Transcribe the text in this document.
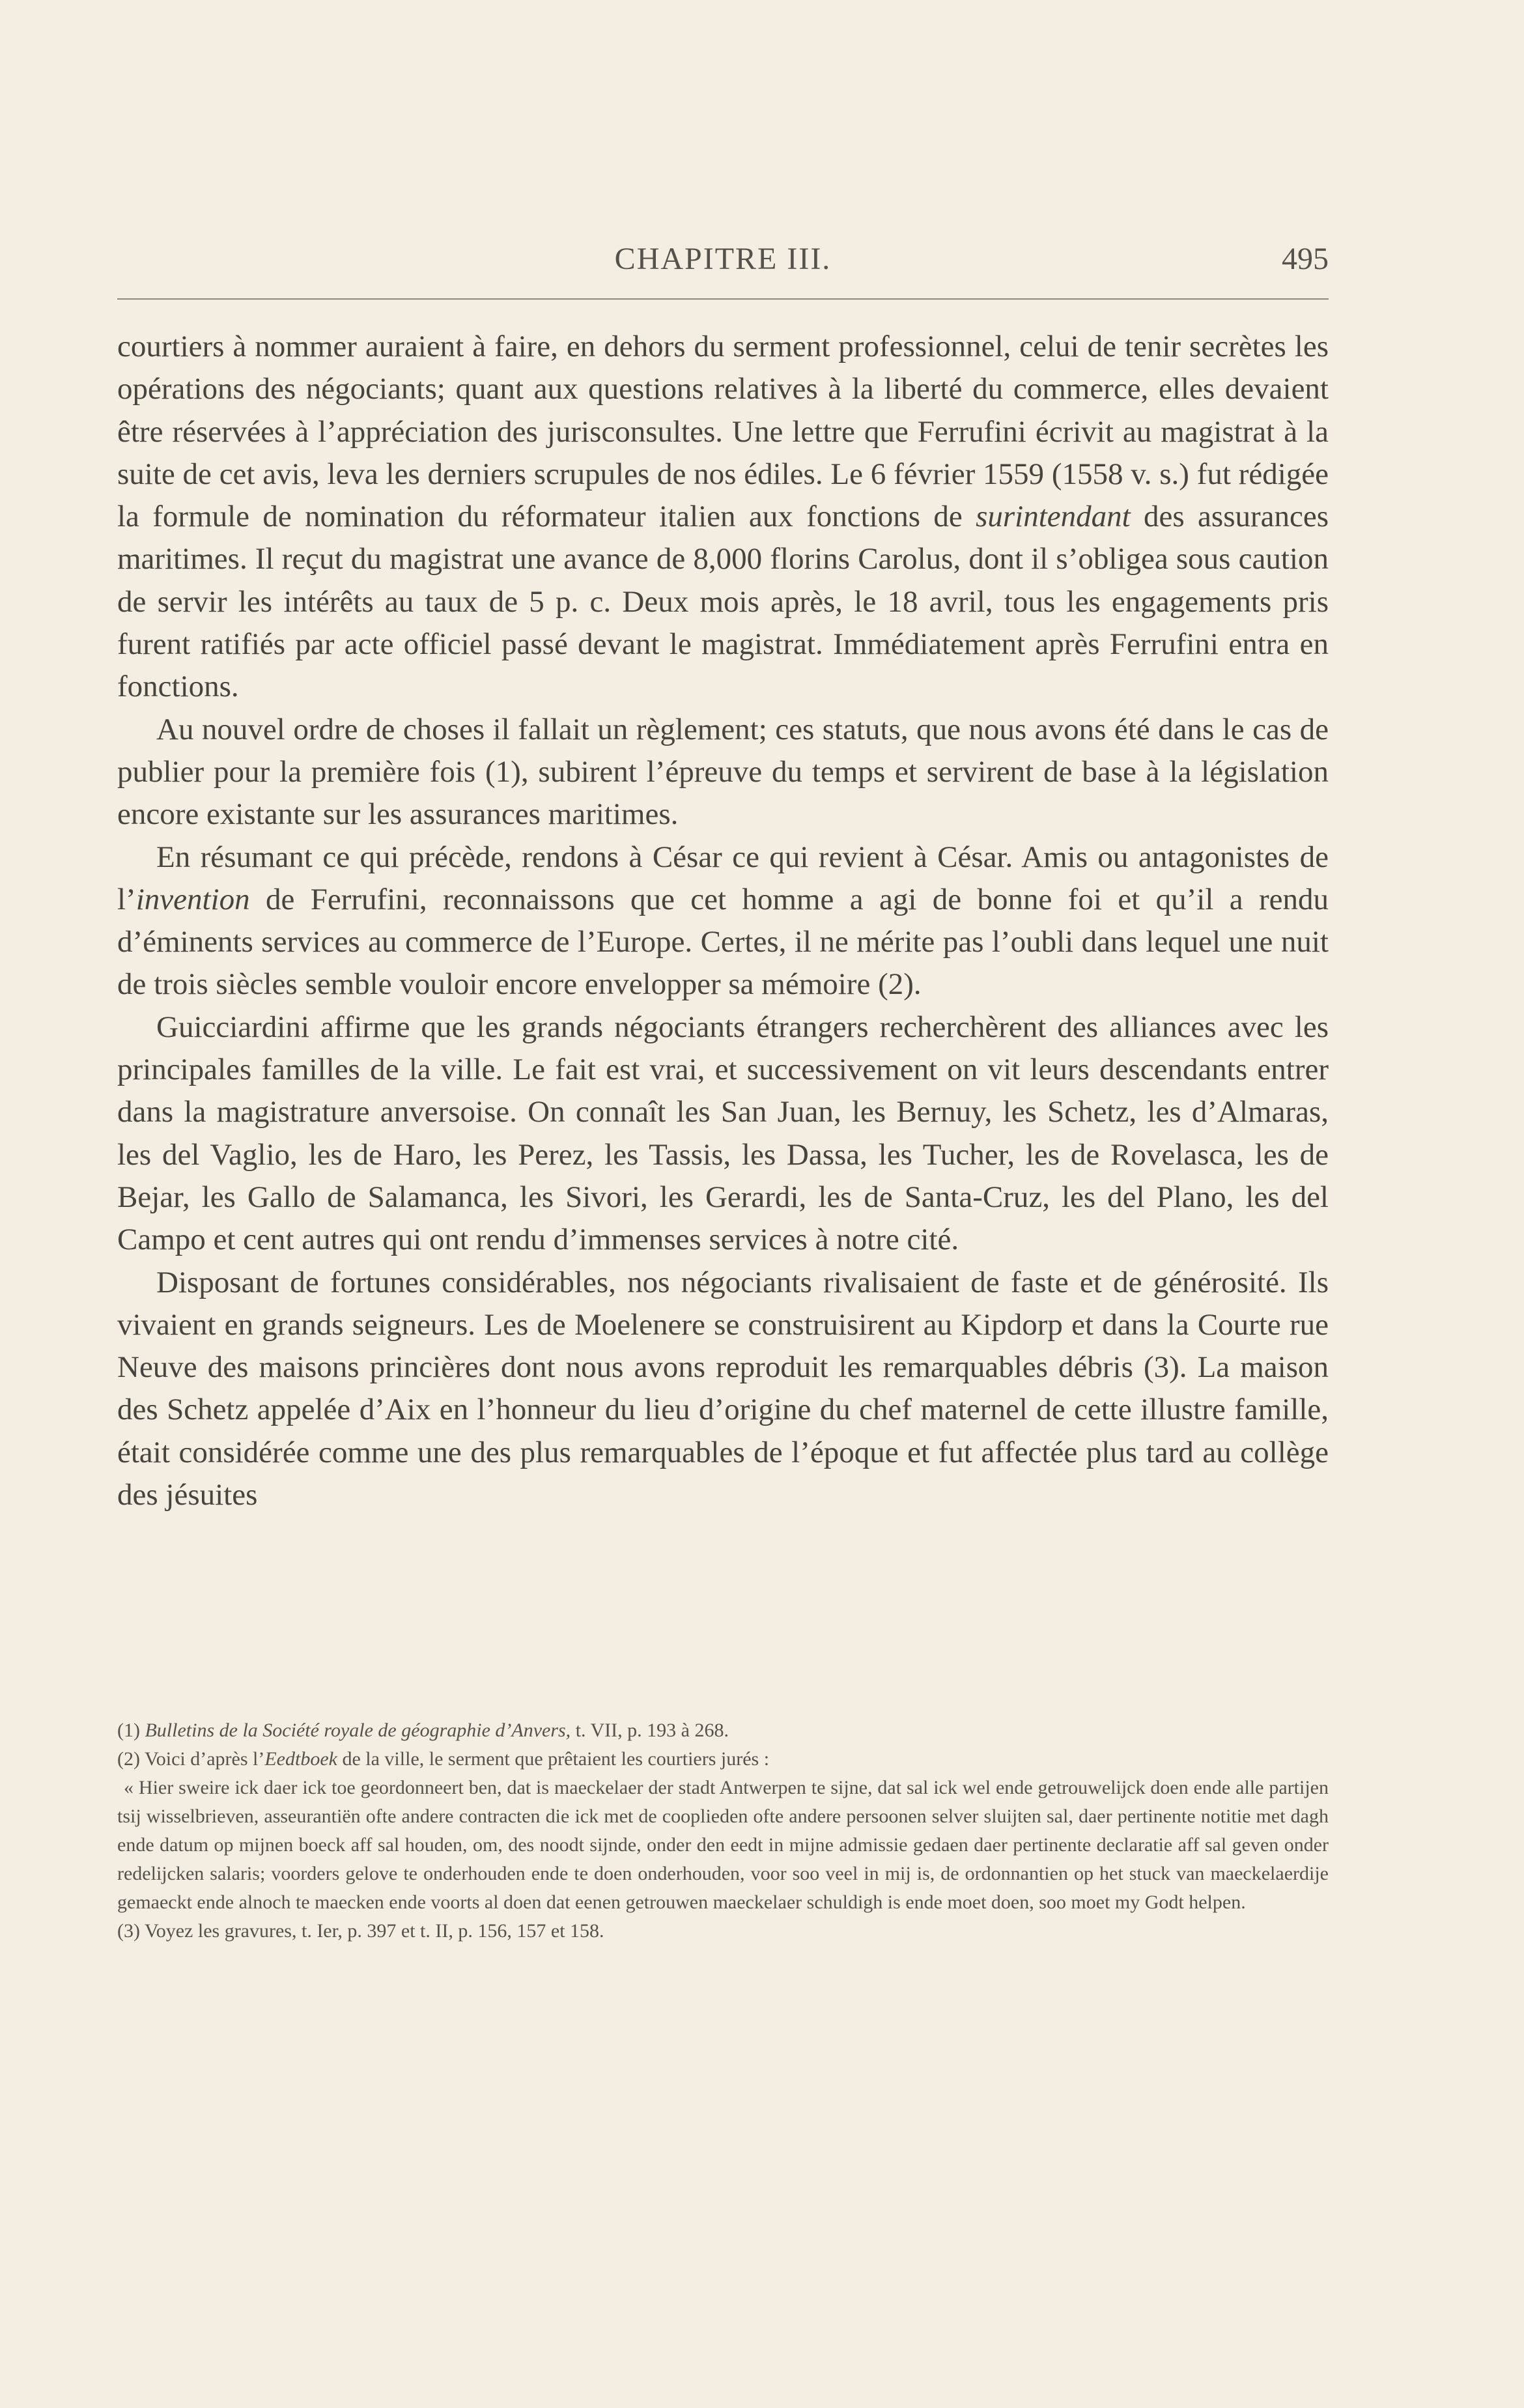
CHAPITRE III.	495

courtiers à nommer auraient à faire, en dehors du serment professionnel, celui de tenir secrètes les opérations des négociants; quant aux questions relatives à la liberté du commerce, elles devaient être réservées à l’appréciation des jurisconsultes. Une lettre que Ferrufini écrivit au magistrat à la suite de cet avis, leva les derniers scrupules de nos édiles. Le 6 février 1559 (1558 v. s.) fut rédigée la formule de nomination du réformateur italien aux fonctions de surintendant des assurances maritimes. Il reçut du magistrat une avance de 8,000 florins Carolus, dont il s’obligea sous caution de servir les intérêts au taux de 5 p. c. Deux mois après, le 18 avril, tous les engagements pris furent ratifiés par acte officiel passé devant le magistrat. Immédiatement après Ferrufini entra en fonctions.

Au nouvel ordre de choses il fallait un règlement; ces statuts, que nous avons été dans le cas de publier pour la première fois (1), subirent l’épreuve du temps et servirent de base à la législation encore existante sur les assurances maritimes.

En résumant ce qui précède, rendons à César ce qui revient à César. Amis ou antagonistes de l’invention de Ferrufini, reconnaissons que cet homme a agi de bonne foi et qu’il a rendu d’éminents services au commerce de l’Europe. Certes, il ne mérite pas l’oubli dans lequel une nuit de trois siècles semble vouloir encore envelopper sa mémoire (2).

Guicciardini affirme que les grands négociants étrangers recherchèrent des alliances avec les principales familles de la ville. Le fait est vrai, et successivement on vit leurs descendants entrer dans la magistrature anversoise. On connaît les San Juan, les Bernuy, les Schetz, les d’Almaras, les del Vaglio, les de Haro, les Perez, les Tassis, les Dassa, les Tucher, les de Rovelasca, les de Bejar, les Gallo de Salamanca, les Sivori, les Gerardi, les de Santa-Cruz, les del Plano, les del Campo et cent autres qui ont rendu d’immenses services à notre cité.

Disposant de fortunes considérables, nos négociants rivalisaient de faste et de générosité. Ils vivaient en grands seigneurs. Les de Moelenere se construisirent au Kipdorp et dans la Courte rue Neuve des maisons princières dont nous avons reproduit les remarquables débris (3). La maison des Schetz appelée d’Aix en l’honneur du lieu d’origine du chef maternel de cette illustre famille, était considérée comme une des plus remarquables de l’époque et fut affectée plus tard au collège des jésuites

(1) Bulletins de la Société royale de géographie d’Anvers, t. VII, p. 193 à 268.

(2) Voici d’après l’Eedtboek de la ville, le serment que prêtaient les courtiers jurés :

« Hier sweire ick daer ick toe geordonneert ben, dat is maeckelaer der stadt Antwerpen te sijne, dat sal ick wel ende getrouwelijck doen ende alle partijen tsij wisselbrieven, asseurantiën ofte andere contracten die ick met de cooplieden ofte andere persoonen selver sluijten sal, daer pertinente notitie met dagh ende datum op mijnen boeck aff sal houden, om, des noodt sijnde, onder den eedt in mijne admissie gedaen daer pertinente declaratie aff sal geven onder redelijcken salaris; voorders gelove te onderhouden ende te doen onderhouden, voor soo veel in mij is, de ordonnantien op het stuck van maeckelaerdije gemaeckt ende alnoch te maecken ende voorts al doen dat eenen getrouwen maeckelaer schuldigh is ende moet doen, soo moet my Godt helpen.

(3) Voyez les gravures, t. Ier, p. 397 et t. II, p. 156, 157 et 158.
